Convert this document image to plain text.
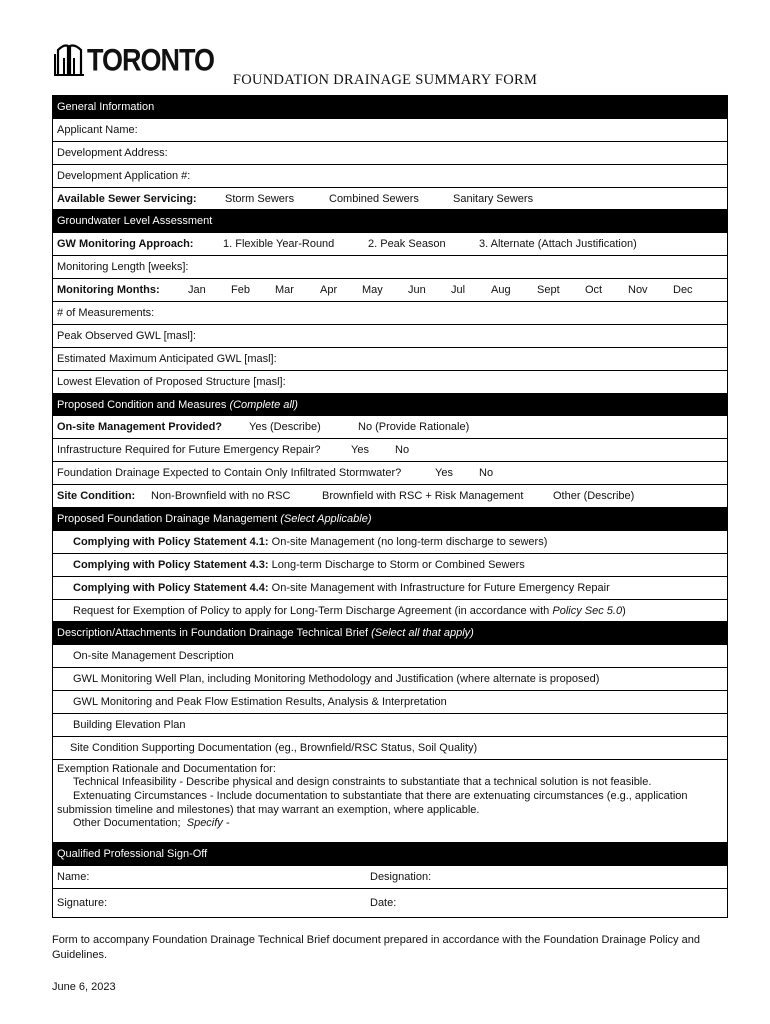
TORONTO
FOUNDATION DRAINAGE SUMMARY FORM
General Information
Applicant Name:
Development Address:
Development Application #:
Available Sewer Servicing:	Storm Sewers	Combined Sewers	Sanitary Sewers
Groundwater Level Assessment
GW Monitoring Approach:	1. Flexible Year-Round	2. Peak Season	3. Alternate (Attach Justification)
Monitoring Length [weeks]:
Monitoring Months:	Jan Feb Mar Apr May Jun Jul Aug Sept Oct Nov Dec
# of Measurements:
Peak Observed GWL [masl]:
Estimated Maximum Anticipated GWL [masl]:
Lowest Elevation of Proposed Structure [masl]:
Proposed Condition and Measures
(Complete all)
On-site Management Provided? Yes (Describe)	No (Provide Rationale)
Infrastructure Required for Future Emergency Repair?	Yes No
Foundation Drainage Expected to Contain Only Infiltrated Stormwater?	Yes No
Site Condition: Non-Brownfield with no RSC	Brownfield with RSC + Risk Management	Other (Describe)
Proposed Foundation Drainage Management
(Select Applicable)
Complying with Policy Statement 4.1: On-site Management (no long-term discharge to sewers)
Complying with Policy Statement 4.3: Long-term Discharge to Storm or Combined Sewers
Complying with Policy Statement 4.4: On-site Management with Infrastructure for Future Emergency Repair
Request for Exemption of Policy to apply for Long-Term Discharge Agreement (in accordance with
Policy Sec 5.0 )
Description/Attachments in Foundation Drainage Technical Brief
(Select all that apply)
On-site Management Description
GWL Monitoring Well Plan, including Monitoring Methodology and Justification (where alternate is proposed)
GWL Monitoring and Peak Flow Estimation Results, Analysis & Interpretation
Building Elevation Plan
Site Condition Supporting Documentation (eg., Brownfield/RSC Status, Soil Quality)
Exemption Rationale and Documentation for:
Technical Infeasibility - Describe physical and design constraints to substantiate that a technical solution is not feasible.
Extenuating Circumstances - Include documentation to substantiate that there are extenuating circumstances (e.g., application
submission timeline and milestones) that may warrant an exemption, where applicable.
Other Documentation;  Specify -
Qualified Professional Sign-Off
Name:	Designation:
Signature:	Date:
Form to accompany Foundation Drainage Technical Brief document prepared in accordance with the Foundation Drainage Policy and Guidelines.
June 6, 2023
